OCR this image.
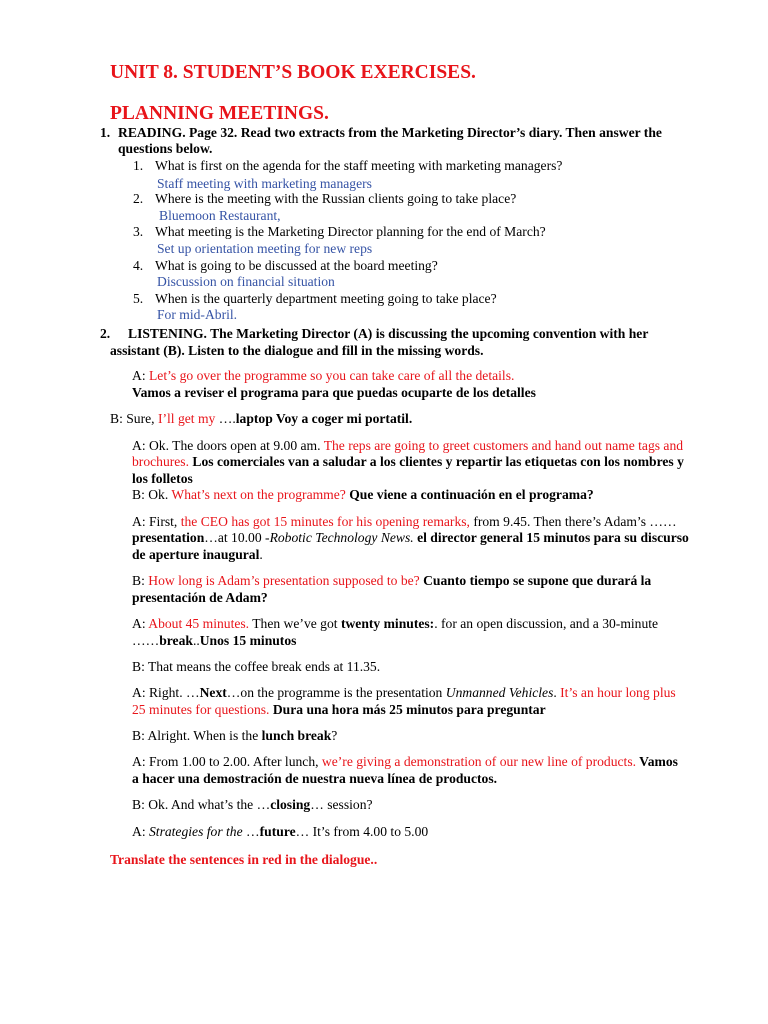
UNIT 8. STUDENT’S BOOK EXERCISES.
PLANNING MEETINGS.
1. READING. Page 32. Read two extracts from the Marketing Director’s diary. Then answer the
questions below.
1. What is first on the agenda for the staff meeting with marketing managers?
Staff meeting with marketing managers
2. Where is the meeting with the Russian clients going to take place?
Bluemoon Restaurant,
3. What meeting is the Marketing Director planning for the end of March?
Set up orientation meeting for new reps
4. What is going to be discussed at the board meeting?
Discussion on financial situation
5. When is the quarterly department meeting going to take place?
For mid-Abril.
2. LISTENING. The Marketing Director (A) is discussing the upcoming convention with her
assistant (B). Listen to the dialogue and fill in the missing words.
A: Let’s go over the programme so you can take care of all the details.
Vamos a reviser el programa para que puedas ocuparte de los detalles
B: Sure, I’ll get my ….laptop Voy a coger mi portatil.
A: Ok. The doors open at 9.00 am. The reps are going to greet customers and hand out name tags and
brochures. Los comerciales van a saludar a los clientes y repartir las etiquetas con los nombres y
los folletos
B: Ok. What’s next on the programme? Que viene a continuación en el programa?
A: First, the CEO has got 15 minutes for his opening remarks, from 9.45. Then there’s Adam’s ……
presentation…at 10.00 -Robotic Technology News. el director general 15 minutos para su discurso
de aperture inaugural.
B: How long is Adam’s presentation supposed to be? Cuanto tiempo se supone que durará la
presentación de Adam?
A: About 45 minutes. Then we’ve got twenty minutes:. for an open discussion, and a 30-minute
……break..Unos 15 minutos
B: That means the coffee break ends at 11.35.
A: Right. …Next…on the programme is the presentation Unmanned Vehicles. It’s an hour long plus
25 minutes for questions. Dura una hora más 25 minutos para preguntar
B: Alright. When is the lunch break?
A: From 1.00 to 2.00. After lunch, we’re giving a demonstration of our new line of products. Vamos
a hacer una demostración de nuestra nueva línea de productos.
B: Ok. And what’s the …closing… session?
A: Strategies for the …future… It’s from 4.00 to 5.00
Translate the sentences in red in the dialogue..
